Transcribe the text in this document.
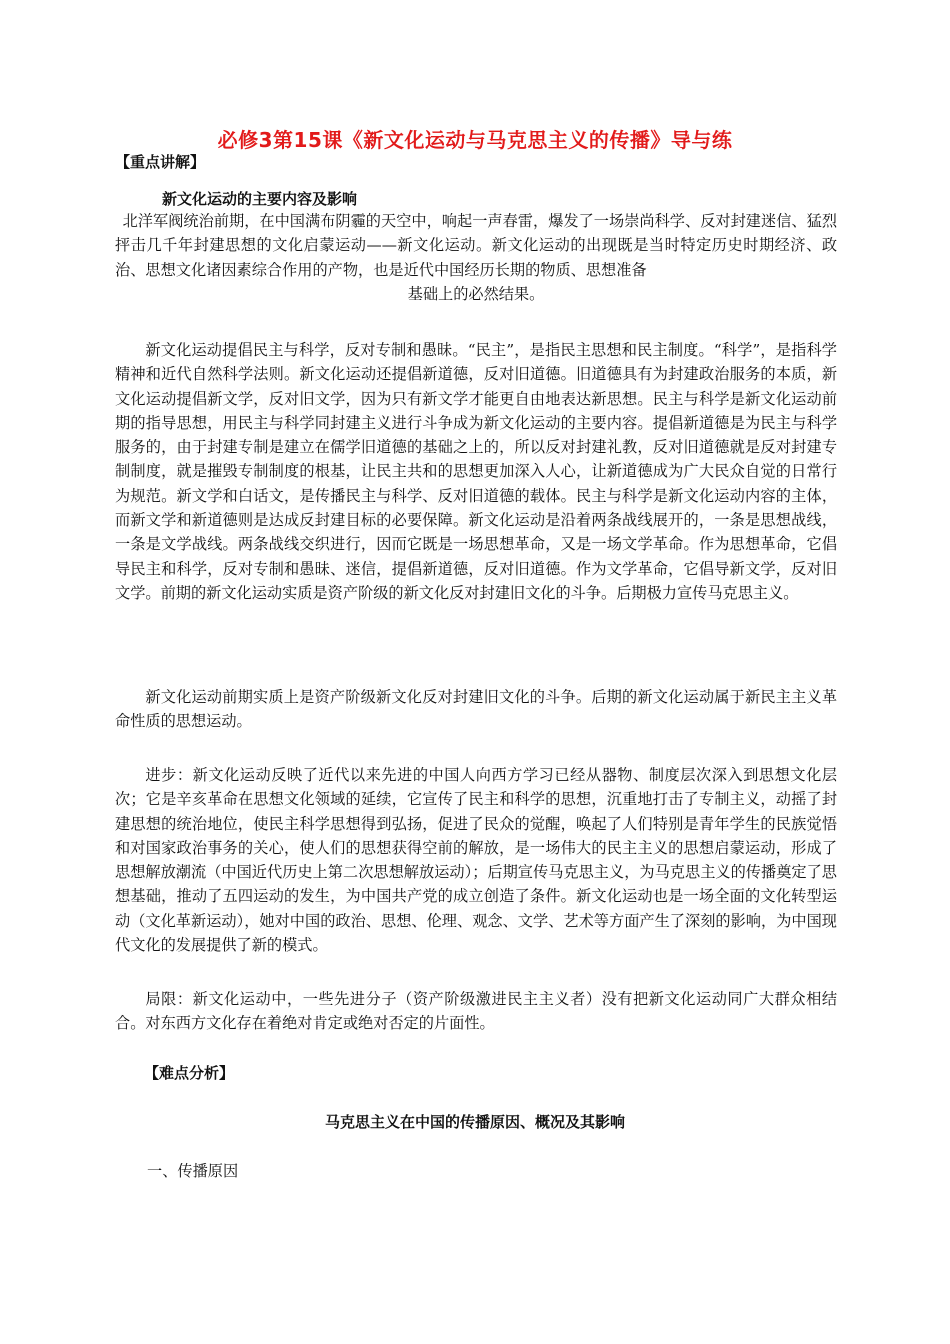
必修3第15课《新文化运动与马克思主义的传播》导与练
【重点讲解】
新文化运动的主要内容及影响

北洋军阀统治前期，在中国满布阴霾的天空中，响起一声春雷，爆发了一场崇尚科学、反对封建迷信、猛烈抨击几千年封建思想的文化启蒙运动——新文化运动。新文化运动的出现既是当时特定历史时期经济、政治、思想文化诸因素综合作用的产物，也是近代中国经历长期的物质、思想准备

基础上的必然结果。

新文化运动提倡民主与科学，反对专制和愚昧。“民主”，是指民主思想和民主制度。“科学”，是指科学精神和近代自然科学法则。新文化运动还提倡新道德，反对旧道德。旧道德具有为封建政治服务的本质，新文化运动提倡新文学，反对旧文学，因为只有新文学才能更自由地表达新思想。民主与科学是新文化运动前期的指导思想，用民主与科学同封建主义进行斗争成为新文化运动的主要内容。提倡新道德是为民主与科学服务的，由于封建专制是建立在儒学旧道德的基础之上的，所以反对封建礼教，反对旧道德就是反对封建专制制度，就是摧毁专制制度的根基，让民主共和的思想更加深入人心，让新道德成为广大民众自觉的日常行为规范。新文学和白话文，是传播民主与科学、反对旧道德的载体。民主与科学是新文化运动内容的主体，而新文学和新道德则是达成反封建目标的必要保障。新文化运动是沿着两条战线展开的，一条是思想战线，一条是文学战线。两条战线交织进行，因而它既是一场思想革命，又是一场文学革命。作为思想革命，它倡导民主和科学，反对专制和愚昧、迷信，提倡新道德，反对旧道德。作为文学革命，它倡导新文学，反对旧文学。前期的新文化运动实质是资产阶级的新文化反对封建旧文化的斗争。后期极力宣传马克思主义。

新文化运动前期实质上是资产阶级新文化反对封建旧文化的斗争。后期的新文化运动属于新民主主义革命性质的思想运动。

进步：新文化运动反映了近代以来先进的中国人向西方学习已经从器物、制度层次深入到思想文化层次；它是辛亥革命在思想文化领域的延续，它宣传了民主和科学的思想，沉重地打击了专制主义，动摇了封建思想的统治地位，使民主科学思想得到弘扬，促进了民众的觉醒，唤起了人们特别是青年学生的民族觉悟和对国家政治事务的关心，使人们的思想获得空前的解放，是一场伟大的民主主义的思想启蒙运动，形成了思想解放潮流（中国近代历史上第二次思想解放运动）；后期宣传马克思主义，为马克思主义的传播奠定了思想基础，推动了五四运动的发生，为中国共产党的成立创造了条件。新文化运动也是一场全面的文化转型运动（文化革新运动），她对中国的政治、思想、伦理、观念、文学、艺术等方面产生了深刻的影响，为中国现代文化的发展提供了新的模式。

局限：新文化运动中，一些先进分子（资产阶级激进民主主义者）没有把新文化运动同广大群众相结合。对东西方文化存在着绝对肯定或绝对否定的片面性。

【难点分析】
马克思主义在中国的传播原因、概况及其影响
一、传播原因
